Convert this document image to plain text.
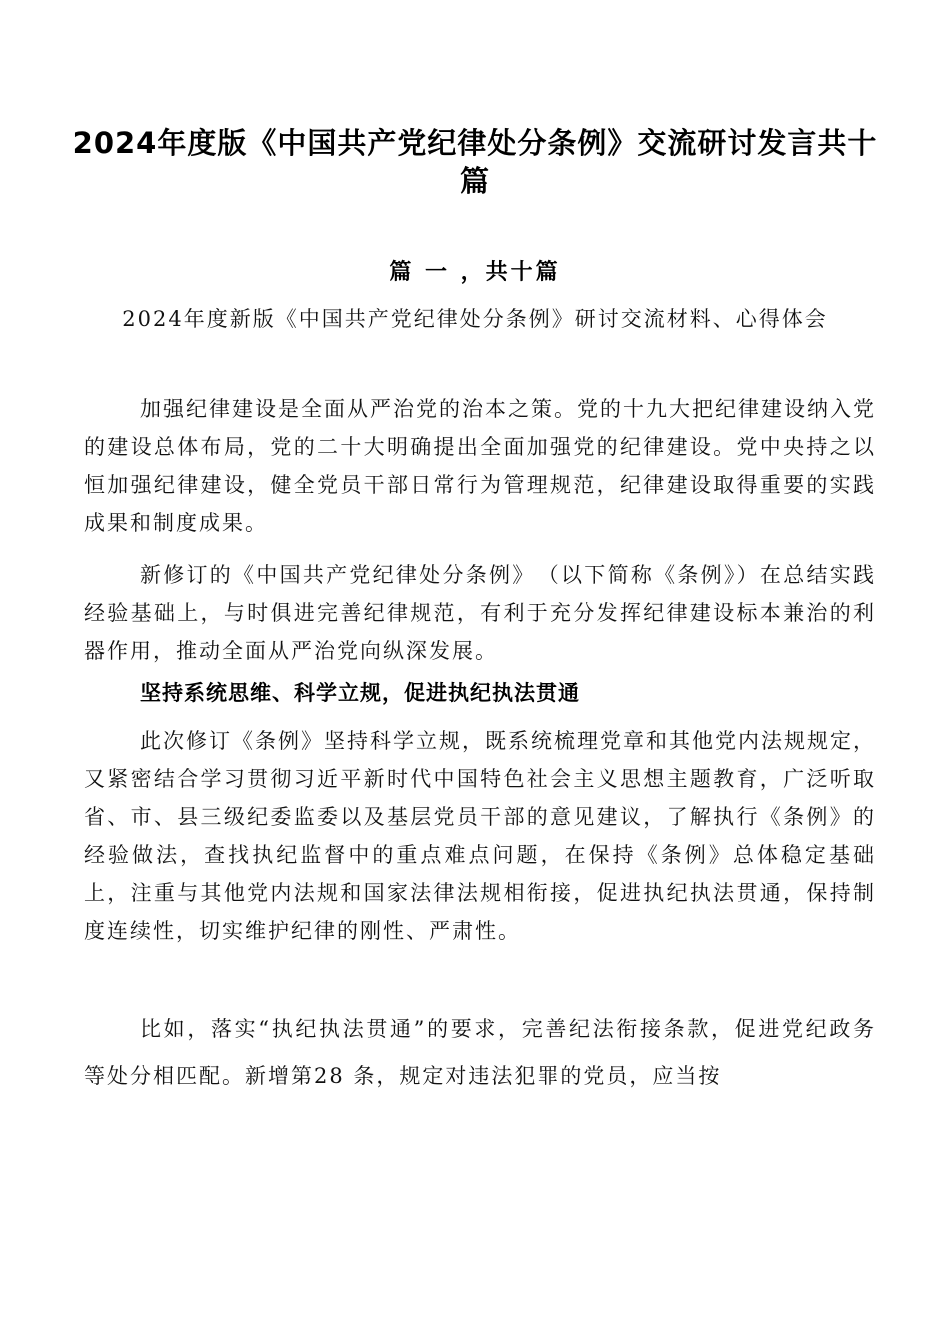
2024年度版《中国共产党纪律处分条例》交流研讨发言共十篇
篇 一 ，共十篇

2024年度新版《中国共产党纪律处分条例》研讨交流材料、心得体会

加强纪律建设是全面从严治党的治本之策。党的十九大把纪律建设纳入党的建设总体布局，党的二十大明确提出全面加强党的纪律建设。党中央持之以恒加强纪律建设，健全党员干部日常行为管理规范，纪律建设取得重要的实践成果和制度成果。

新修订的《中国共产党纪律处分条例》　（以下简称《条例》）在总结实践经验基础上，与时俱进完善纪律规范，有利于充分发挥纪律建设标本兼治的利器作用，推动全面从严治党向纵深发展。

坚持系统思维、科学立规，促进执纪执法贯通

此次修订《条例》坚持科学立规，既系统梳理党章和其他党内法规规定，又紧密结合学习贯彻习近平新时代中国特色社会主义思想主题教育，广泛听取省、市、县三级纪委监委以及基层党员干部的意见建议，了解执行《条例》的经验做法，查找执纪监督中的重点难点问题，在保持《条例》总体稳定基础上，注重与其他党内法规和国家法律法规相衔接，促进执纪执法贯通，保持制度连续性，切实维护纪律的刚性、严肃性。

比如，落实“执纪执法贯通”的要求，完善纪法衔接条款，促进党纪政务等处分相匹配。新增第28 条，规定对违法犯罪的党员，应当按
